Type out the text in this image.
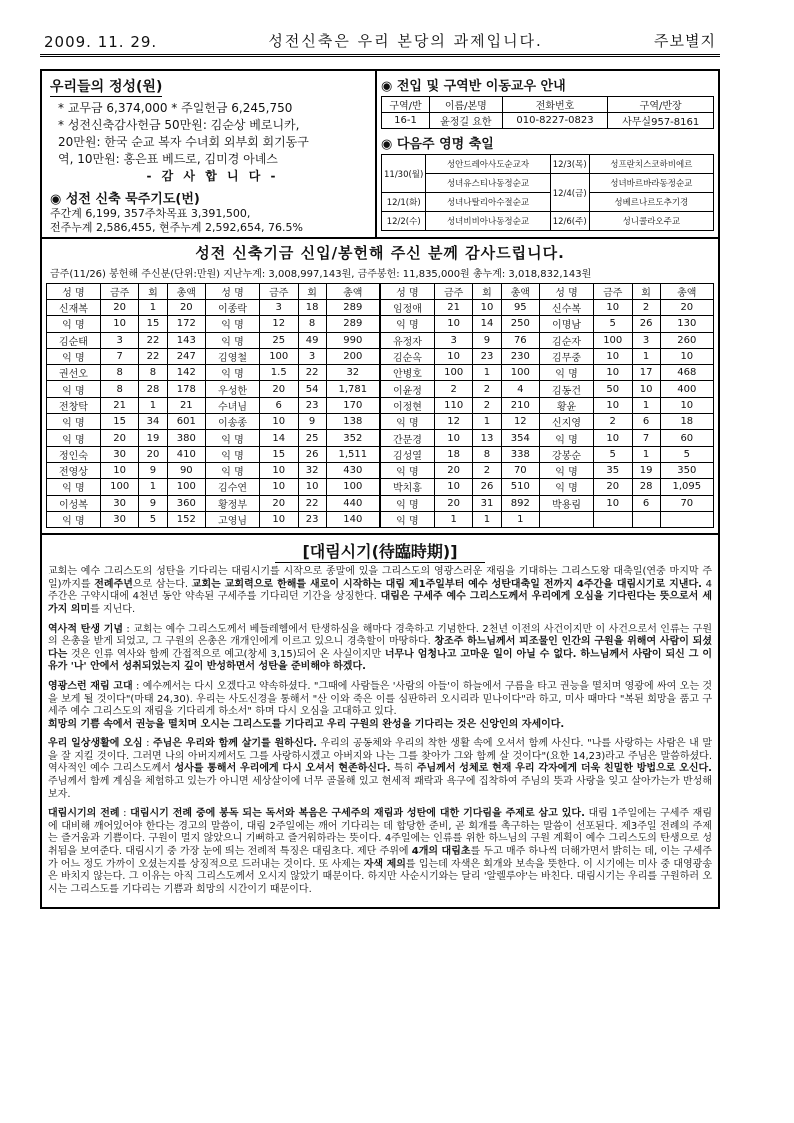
2009. 11. 29.	성전신축은 우리 본당의 과제입니다.	주보별지
우리들의 정성(원)
* 교무금 6,374,000 * 주일헌금 6,245,750
* 성전신축감사헌금 50만원: 김순상 베로니카,
20만원: 한국 순교 복자 수녀회 외부회 회기동구
역, 10만원: 홍은표 베드로, 김미경 아녜스
- 감 사 합 니 다 -
◉ 성전 신축 묵주기도(번)
주간계 6,199, 357주차목표 3,391,500,
전주누계 2,586,455, 현주누계 2,592,654, 76.5%
◉ 전입 및 구역반 이동교우 안내
구역/반	이름/본명	전화번호	구역/반장
16-1	윤정길 요한	010-8227-0823	사무실957-8161
◉ 다음주 영명 축일
11/30(월)	성안드레아사도순교자	12/3(목)	성프란치스코하비에르
	성녀유스티나동정순교	12/4(금)	성녀바르바라동정순교
12/1(화)	성녀나탈리아수절순교		성베르나르도추기경
12/2(수)	성녀비비아나동정순교	12/6(주)	성니콜라오주교
성전 신축기금 신입/봉헌해 주신 분께 감사드립니다.
금주(11/26) 봉헌해 주신분(단위:만원) 지난누계: 3,008,997,143원, 금주봉헌: 11,835,000원 총누계: 3,018,832,143원
성 명	금주	회	총액	성 명	금주	회	총액
신재복	20	1	20	이종락	3	18	289
익 명	10	15	172	익 명	12	8	289
김순태	3	22	143	익 명	25	49	990
익 명	7	22	247	김영철	100	3	200
권선오	8	8	142	익 명	1.5	22	32
익 명	8	28	178	우성한	20	54	1,781
전창탁	21	1	21	수녀님	6	23	170
익 명	15	34	601	이송종	10	9	138
익 명	20	19	380	익 명	14	25	352
정인숙	30	20	410	익 명	15	26	1,511
전영상	10	9	90	익 명	10	32	430
익 명	100	1	100	김수연	10	10	100
이성복	30	9	360	황정부	20	22	440
익 명	30	5	152	고영님	10	23	140
성 명	금주	회	총액	성 명	금주	회	총액
임정애	21	10	95	신수복	10	2	20
익 명	10	14	250	이명남	5	26	130
유정자	3	9	76	김순자	100	3	260
김순옥	10	23	230	김무중	10	1	10
안병호	100	1	100	익 명	10	17	468
이윤정	2	2	4	김동건	50	10	400
이정현	110	2	210	황윤	10	1	10
익 명	12	1	12	신지영	2	6	18
간문경	10	13	354	익 명	10	7	60
김성열	18	8	338	강봉순	5	1	5
익 명	20	2	70	익 명	35	19	350
박치홍	10	26	510	익 명	20	28	1,095
익 명	20	31	892	박용림	10	6	70
익 명	1	1	1				
[대림시기(待臨時期)]

교회는 예수 그리스도의 성탄을 기다리는 대림시기를 시작으로 종말에 있을 그리스도의 영광스러운 재림을 기대하는 그리스도왕 대축일(연중 마지막 주일)까지를 전례주년으로 삼는다. 교회는 교회력으로 한해를 새로이 시작하는 대림 제1주일부터 예수 성탄대축일 전까지 4주간을 대림시기로 지낸다. 4주간은 구약시대에 4천년 동안 약속된 구세주를 기다리던 기간을 상징한다. 대림은 구세주 예수 그리스도께서 우리에게 오심을 기다린다는 뜻으로서 세 가지 의미를 지닌다.

역사적 탄생 기념 : 교회는 예수 그리스도께서 베들레헴에서 탄생하심을 해마다 경축하고 기념한다. 2천년 이전의 사건이지만 이 사건으로서 인류는 구원의 은총을 받게 되었고, 그 구원의 은총은 개개인에게 이르고 있으니 경축할이 마땅하다. 창조주 하느님께서 피조물인 인간의 구원을 위해여 사람이 되셨다는 것은 인류 역사와 함께 간접적으로 예고(창세 3,15)되어 온 사실이지만 너무나 엄청나고 고마운 일이 아닐 수 없다. 하느님께서 사람이 되신 그 이유가 '나' 안에서 성취되었는지 깊이 반성하면서 성탄을 준비해야 하겠다.

영광스런 재림 고대 : 예수께서는 다시 오겠다고 약속하셨다. "그때에 사람들은 '사람의 아들'이 하늘에서 구름을 타고 권능을 떨치며 영광에 싸여 오는 것을 보게 될 것이다"(마태 24,30). 우리는 사도신경을 통해서 "산 이와 죽은 이를 심판하러 오시리라 믿나이다"라 하고, 미사 때마다 "복된 희망을 품고 구세주 예수 그리스도의 재림을 기다리게 하소서" 하며 다시 오심을 고대하고 있다.
희망의 기쁨 속에서 권능을 떨치며 오시는 그리스도를 기다리고 우리 구원의 완성을 기다리는 것은 신앙인의 자세이다.

우리 일상생활에 오심 : 주님은 우리와 함께 살기를 원하신다. 우리의 공동체와 우리의 착한 생활 속에 오셔서 함께 사신다. "나를 사랑하는 사람은 내 말을 잘 지킬 것이다. 그러면 나의 아버지께서도 그를 사랑하시겠고 아버지와 나는 그를 찾아가 그와 함께 살 것이다"(요한 14,23)라고 주님은 말씀하셨다. 역사적인 예수 그리스도께서 성사를 통해서 우리에게 다시 오셔서 현존하신다. 특히 주님께서 성체로 현재 우리 각자에게 더욱 친밀한 방법으로 오신다. 주님께서 함께 계심을 체험하고 있는가 아니면 세상살이에 너무 골몰해 있고 현세적 쾌락과 욕구에 집착하여 주님의 뜻과 사랑을 잊고 살아가는가 반성해 보자.

대림시기의 전례 : 대림시기 전례 중에 봉독 되는 독서와 복음은 구세주의 재림과 성탄에 대한 기다림을 주제로 삼고 있다. 대림 1주일에는 구세주 재림에 대비해 깨어있어야 한다는 경고의 말씀이, 대림 2주일에는 깨어 기다리는 데 합당한 준비, 곧 회개를 촉구하는 말씀이 선포된다. 제3주일 전례의 주제는 즐거움과 기쁨이다. 구원이 멀지 않았으니 기뻐하고 즐거워하라는 뜻이다. 4주일에는 인류를 위한 하느님의 구원 계획이 예수 그리스도의 탄생으로 성취됨을 보여준다. 대림시기 중 가장 눈에 띄는 전례적 특징은 대림초다. 제단 주위에 4개의 대림초를 두고 매주 하나씩 더해가면서 밝히는 데, 이는 구세주가 어느 정도 가까이 오셨는지를 상징적으로 드러내는 것이다. 또 사제는 자색 제의를 입는데 자색은 회개와 보속을 뜻한다. 이 시기에는 미사 중 대영광송은 바치지 않는다. 그 이유는 아직 그리스도께서 오시지 않았기 때문이다. 하지만 사순시기와는 달리 '알렐루야'는 바친다. 대림시기는 우리를 구원하러 오시는 그리스도를 기다리는 기쁨과 희망의 시간이기 때문이다.
